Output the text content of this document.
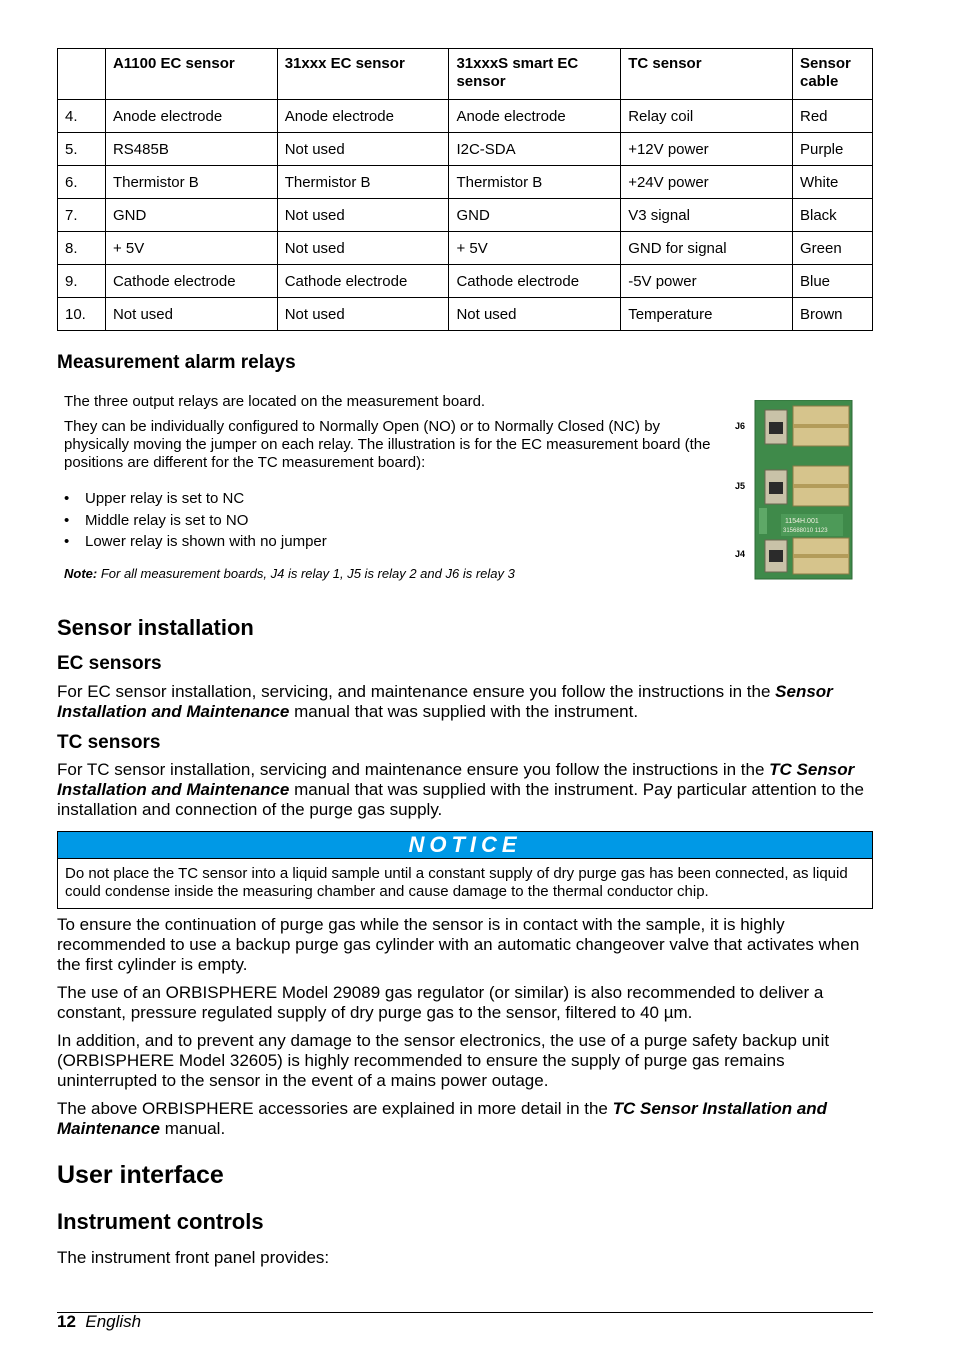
	A1100 EC sensor	31xxx EC sensor	31xxxS smart EC sensor	TC sensor	Sensor cable
4.	Anode electrode	Anode electrode	Anode electrode	Relay coil	Red
5.	RS485B	Not used	I2C-SDA	+12V power	Purple
6.	Thermistor B	Thermistor B	Thermistor B	+24V power	White
7.	GND	Not used	GND	V3 signal	Black
8.	+ 5V	Not used	+ 5V	GND for signal	Green
9.	Cathode electrode	Cathode electrode	Cathode electrode	-5V power	Blue
10.	Not used	Not used	Not used	Temperature	Brown
Measurement alarm relays

The three output relays are located on the measurement board.

They can be individually configured to Normally Open (NO) or to Normally Closed (NC) by physically moving the jumper on each relay. The illustration is for the EC measurement board (the positions are different for the TC measurement board):

• Upper relay is set to NC
• Middle relay is set to NO
• Lower relay is shown with no jumper

Note: For all measurement boards, J4 is relay 1, J5 is relay 2 and J6 is relay 3

J6
J5
J4
1154H.001
315688010 1123
Sensor installation
EC sensors

For EC sensor installation, servicing, and maintenance ensure you follow the instructions in the Sensor Installation and Maintenance manual that was supplied with the instrument.

TC sensors

For TC sensor installation, servicing and maintenance ensure you follow the instructions in the TC Sensor Installation and Maintenance manual that was supplied with the instrument. Pay particular attention to the installation and connection of the purge gas supply.

NOTICE
Do not place the TC sensor into a liquid sample until a constant supply of dry purge gas has been connected, as liquid could condense inside the measuring chamber and cause damage to the thermal conductor chip.

To ensure the continuation of purge gas while the sensor is in contact with the sample, it is highly recommended to use a backup purge gas cylinder with an automatic changeover valve that activates when the first cylinder is empty.

The use of an ORBISPHERE Model 29089 gas regulator (or similar) is also recommended to deliver a constant, pressure regulated supply of dry purge gas to the sensor, filtered to 40 µm.

In addition, and to prevent any damage to the sensor electronics, the use of a purge safety backup unit (ORBISPHERE Model 32605) is highly recommended to ensure the supply of purge gas remains uninterrupted to the sensor in the event of a mains power outage.

The above ORBISPHERE accessories are explained in more detail in the TC Sensor Installation and Maintenance manual.

User interface
Instrument controls

The instrument front panel provides:

12 English
